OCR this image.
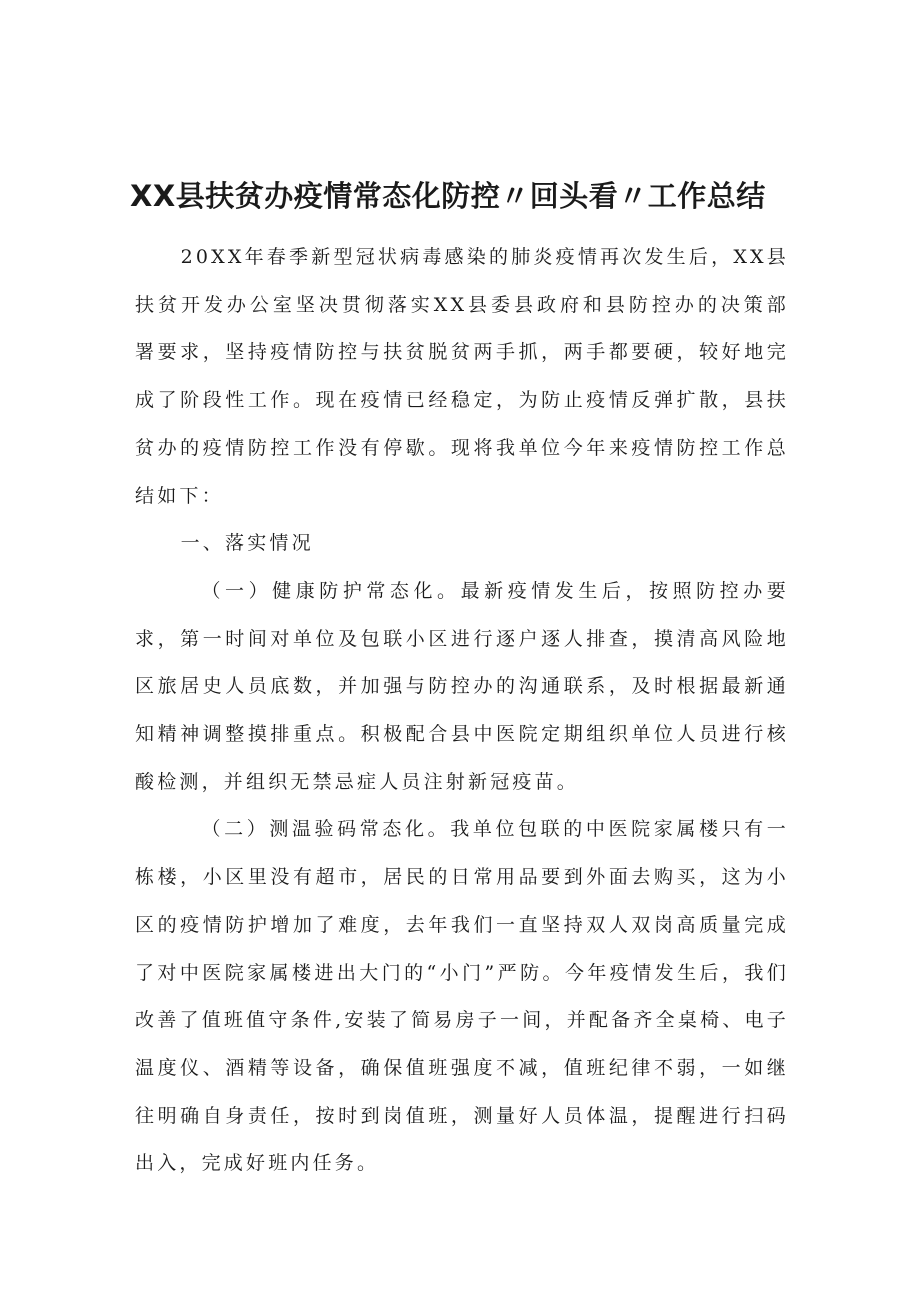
XX县扶贫办疫情常态化防控〃回头看〃工作总结

20XX年春季新型冠状病毒感染的肺炎疫情再次发生后，XX县扶贫开发办公室坚决贯彻落实XX县委县政府和县防控办的决策部署要求，坚持疫情防控与扶贫脱贫两手抓，两手都要硬，较好地完成了阶段性工作。现在疫情已经稳定，为防止疫情反弹扩散，县扶贫办的疫情防控工作没有停歇。现将我单位今年来疫情防控工作总结如下：

一、落实情况

（一）健康防护常态化。最新疫情发生后，按照防控办要求，第一时间对单位及包联小区进行逐户逐人排查，摸清高风险地区旅居史人员底数，并加强与防控办的沟通联系，及时根据最新通知精神调整摸排重点。积极配合县中医院定期组织单位人员进行核酸检测，并组织无禁忌症人员注射新冠疫苗。

（二）测温验码常态化。我单位包联的中医院家属楼只有一栋楼，小区里没有超市，居民的日常用品要到外面去购买，这为小区的疫情防护增加了难度，去年我们一直坚持双人双岗高质量完成了对中医院家属楼进出大门的“小门”严防。今年疫情发生后，我们改善了值班值守条件,安装了简易房子一间，并配备齐全桌椅、电子温度仪、酒精等设备，确保值班强度不减，值班纪律不弱，一如继往明确自身责任，按时到岗值班，测量好人员体温，提醒进行扫码出入，完成好班内任务。
